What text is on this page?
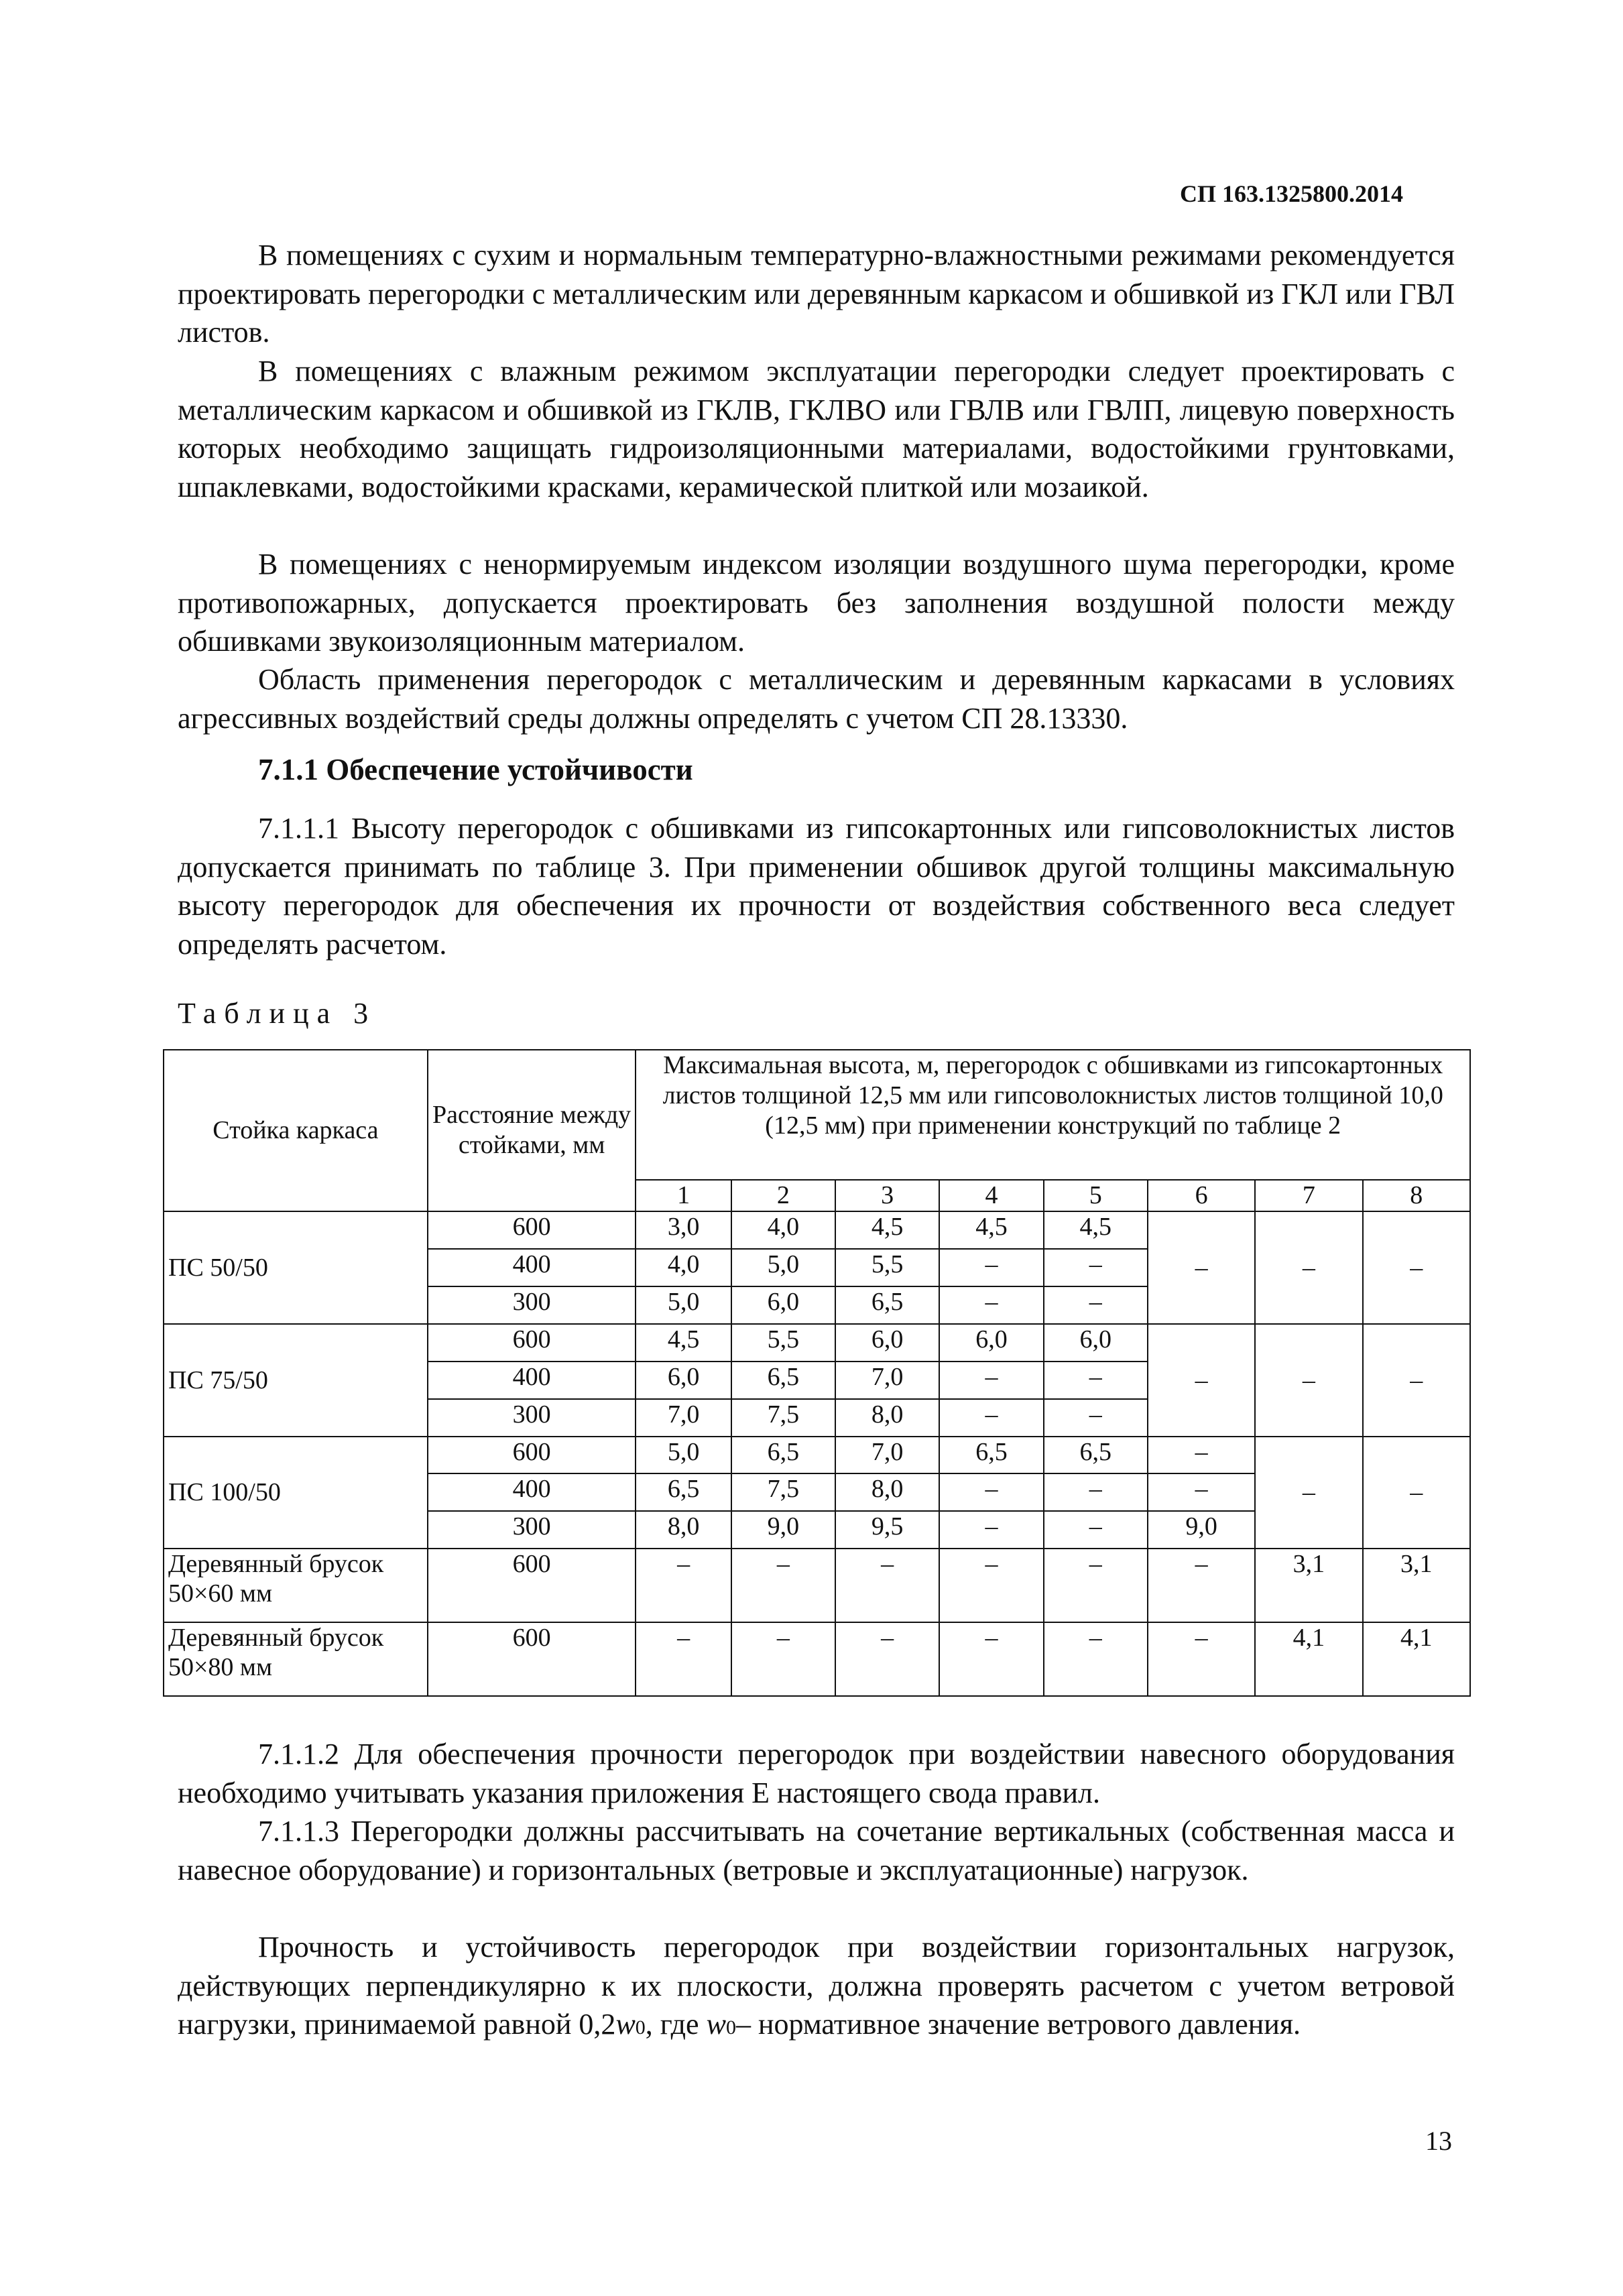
СП 163.1325800.2014

В помещениях с сухим и нормальным температурно-влажностными режимами рекомендуется проектировать перегородки с металлическим или деревянным каркасом и обшивкой из ГКЛ или ГВЛ листов.

В помещениях с влажным режимом эксплуатации перегородки следует проектировать с металлическим каркасом и обшивкой из ГКЛВ, ГКЛВО или ГВЛВ или ГВЛП, лицевую поверхность которых необходимо защищать гидроизоляционными материалами, водостойкими грунтовками, шпаклевками, водостойкими красками, керамической плиткой или мозаикой.

В помещениях с ненормируемым индексом изоляции воздушного шума перегородки, кроме противопожарных, допускается проектировать без заполнения воздушной полости между обшивками звукоизоляционным материалом.

Область применения перегородок с металлическим и деревянным каркасами в условиях агрессивных воздействий среды должны определять с учетом СП 28.13330.

7.1.1 Обеспечение устойчивости

7.1.1.1 Высоту перегородок с обшивками из гипсокартонных или гипсоволокнистых листов допускается принимать по таблице 3. При применении обшивок другой толщины максимальную высоту перегородок для обеспечения их прочности от воздействия собственного веса следует определять расчетом.

Таблица 3
Стойка каркаса	Расстояние между стойками, мм	Максимальная высота, м, перегородок с обшивками из гипсокартонных листов толщиной 12,5 мм или гипсоволокнистых листов толщиной 10,0 (12,5 мм) при применении конструкций по таблице 2							
		1	2	3	4	5	6	7	8
ПС 50/50	600	3,0	4,0	4,5	4,5	4,5	–	–	–
	400	4,0	5,0	5,5	–	–			
	300	5,0	6,0	6,5	–	–			
ПС 75/50	600	4,5	5,5	6,0	6,0	6,0	–	–	–
	400	6,0	6,5	7,0	–	–			
	300	7,0	7,5	8,0	–	–			
ПС 100/50	600	5,0	6,5	7,0	6,5	6,5	–	–	–
	400	6,5	7,5	8,0	–	–	–		
	300	8,0	9,0	9,5	–	–	9,0		
Деревянный брусок 50×60 мм	600	–	–	–	–	–	–	3,1	3,1
Деревянный брусок 50×80 мм	600	–	–	–	–	–	–	4,1	4,1

7.1.1.2 Для обеспечения прочности перегородок при воздействии навесного оборудования необходимо учитывать указания приложения Е настоящего свода правил.

7.1.1.3 Перегородки должны рассчитывать на сочетание вертикальных (собственная масса и навесное оборудование) и горизонтальных (ветровые и эксплуатационные) нагрузок.

Прочность и устойчивость перегородок при воздействии горизонтальных нагрузок, действующих перпендикулярно к их плоскости, должна проверять расчетом с учетом ветровой нагрузки, принимаемой равной 0,2w0, где w0– нормативное значение ветрового давления.

13
